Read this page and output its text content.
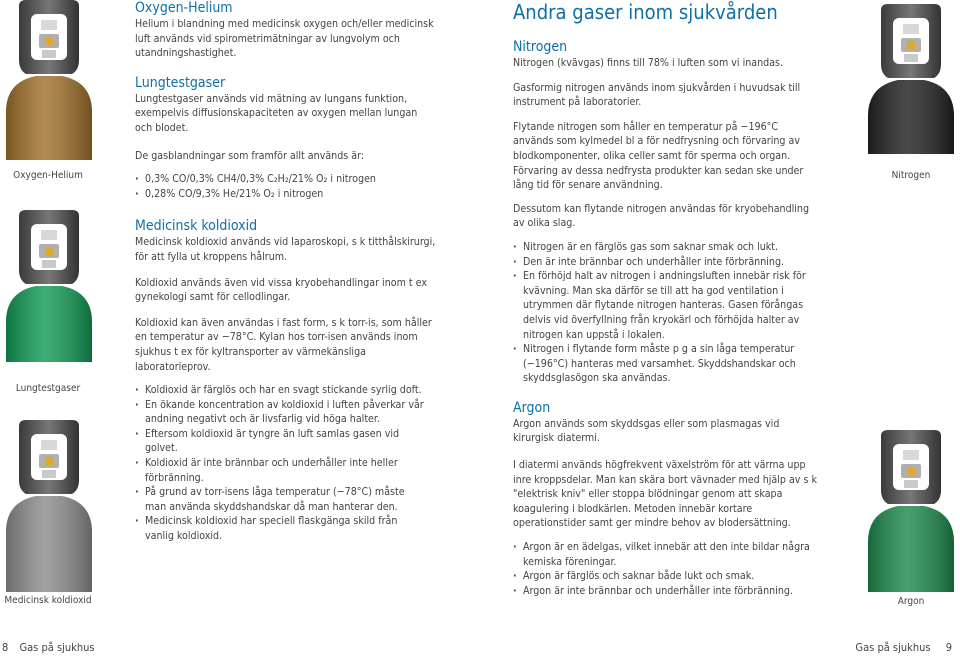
Oxygen-Helium
Lungtestgaser
Medicinsk koldioxid
Nitrogen
Argon
Oxygen-Helium
Helium i blandning med medicinsk oxygen och/eller medicinsk luft används vid spirometrimätningar av lungvolym och utandningshastighet.
Lungtestgaser
Lungtestgaser används vid mätning av lungans funktion, exempelvis diffusionskapaciteten av oxygen mellan lungan och blodet.
De gasblandningar som framför allt används är:
· 0,3% CO/0,3% CH4/0,3% C₂H₂/21% O₂ i nitrogen
· 0,28% CO/9,3% He/21% O₂ i nitrogen
Medicinsk koldioxid
Medicinsk koldioxid används vid laparoskopi, s k titthålskirurgi, för att fylla ut kroppens hålrum.
Koldioxid används även vid vissa kryobehandlingar inom t ex gynekologi samt för cellodlingar.
Koldioxid kan även användas i fast form, s k torr-is, som håller en temperatur av −78°C. Kylan hos torr-isen används inom sjukhus t ex för kyltransporter av värmekänsliga laboratorieprov.
· Koldioxid är färglös och har en svagt stickande syrlig doft.
· En ökande koncentration av koldioxid i luften påverkar vår andning negativt och är livsfarlig vid höga halter.
· Eftersom koldioxid är tyngre än luft samlas gasen vid golvet.
· Koldioxid är inte brännbar och underhåller inte heller förbränning.
· På grund av torr-isens låga temperatur (−78°C) måste man använda skyddshandskar då man hanterar den.
· Medicinsk koldioxid har speciell flaskgänga skild från vanlig koldioxid.
Andra gaser inom sjukvården
Nitrogen
Nitrogen (kvävgas) finns till 78% i luften som vi inandas.
Gasformig nitrogen används inom sjukvården i huvudsak till instrument på laboratorier.
Flytande nitrogen som håller en temperatur på −196°C används som kylmedel bl a för nedfrysning och förvaring av blodkomponenter, olika celler samt för sperma och organ. Förvaring av dessa nedfrysta produkter kan sedan ske under lång tid för senare användning.
Dessutom kan flytande nitrogen användas för kryobehandling av olika slag.
· Nitrogen är en färglös gas som saknar smak och lukt.
· Den är inte brännbar och underhåller inte förbränning.
· En förhöjd halt av nitrogen i andningsluften innebär risk för kvävning. Man ska därför se till att ha god ventilation i utrymmen där flytande nitrogen hanteras. Gasen förångas delvis vid överfyllning från kryokärl och förhöjda halter av nitrogen kan uppstå i lokalen.
· Nitrogen i flytande form måste p g a sin låga temperatur (−196°C) hanteras med varsamhet. Skyddshandskar och skyddsglasögon ska användas.
Argon
Argon används som skyddsgas eller som plasmagas vid kirurgisk diatermi.
I diatermi används högfrekvent växelström för att värma upp inre kroppsdelar. Man kan skära bort vävnader med hjälp av s k "elektrisk kniv" eller stoppa blödningar genom att skapa koagulering i blodkärlen. Metoden innebär kortare operationstider samt ger mindre behov av blodersättning.
· Argon är en ädelgas, vilket innebär att den inte bildar några kemiska föreningar.
· Argon är färglös och saknar både lukt och smak.
· Argon är inte brännbar och underhåller inte förbränning.
8 Gas på sjukhus	Gas på sjukhus 9
